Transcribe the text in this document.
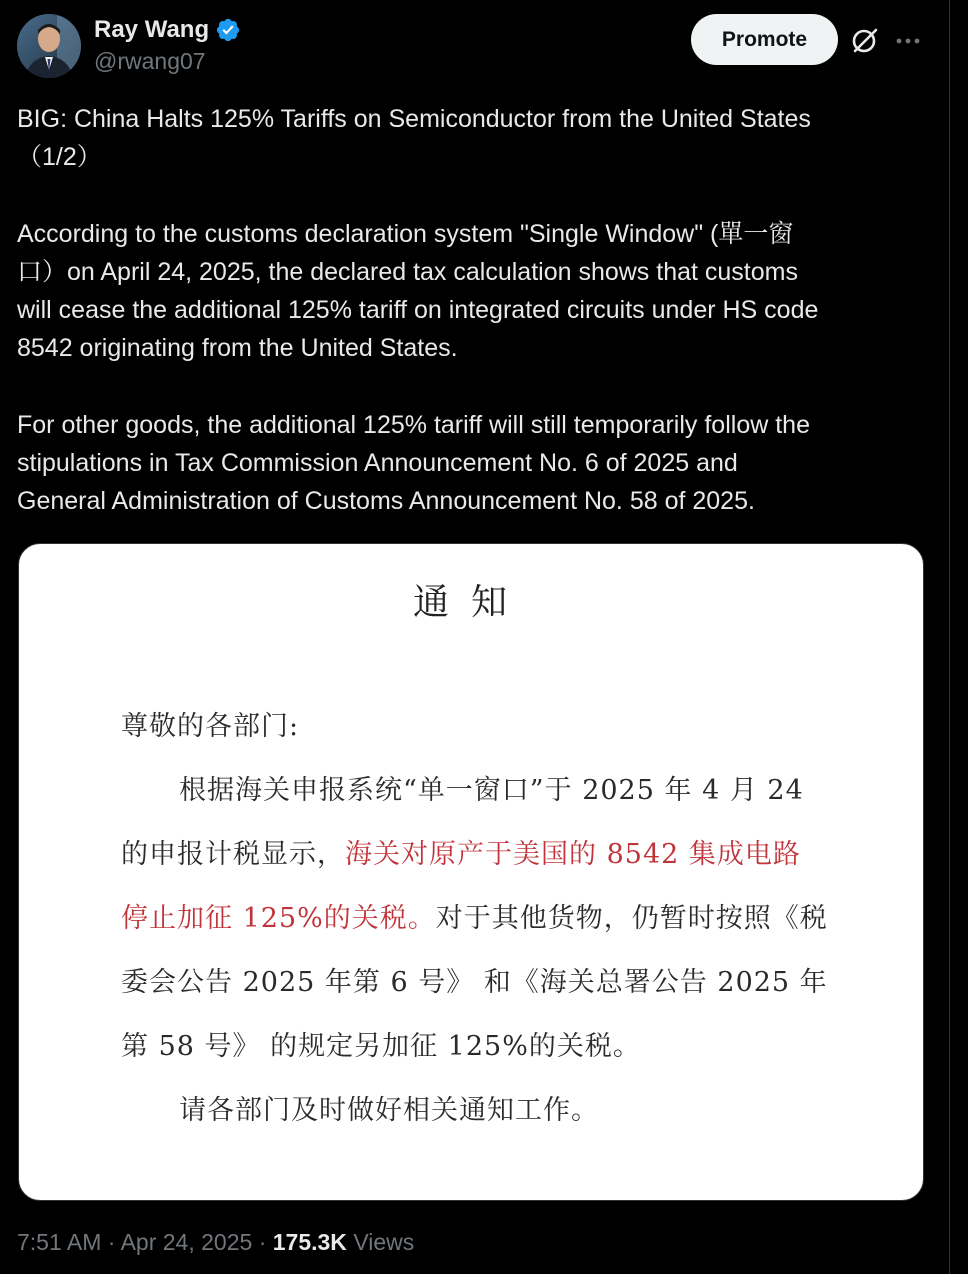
Ray Wang
@rwang07
Promote

BIG: China Halts 125% Tariffs on Semiconductor from the United States
（1/2）

According to the customs declaration system "Single Window" (單一窗
口）on April 24, 2025, the declared tax calculation shows that customs
will cease the additional 125% tariff on integrated circuits under HS code
8542 originating from the United States.

For other goods, the additional 125% tariff will still temporarily follow the
stipulations in Tax Commission Announcement No. 6 of 2025 and
General Administration of Customs Announcement No. 58 of 2025.

通知
尊敬的各部门:
根据海关申报系统“单一窗口”于 2025 年 4 月 24
的申报计税显示，海关对原产于美国的 8542 集成电路
停止加征 125%的关税。对于其他货物，仍暂时按照《税
委会公告 2025 年第 6 号》 和《海关总署公告 2025 年
第 58 号》 的规定另加征 125%的关税。
请各部门及时做好相关通知工作。
7:51 AM · Apr 24, 2025 · 175.3K Views
